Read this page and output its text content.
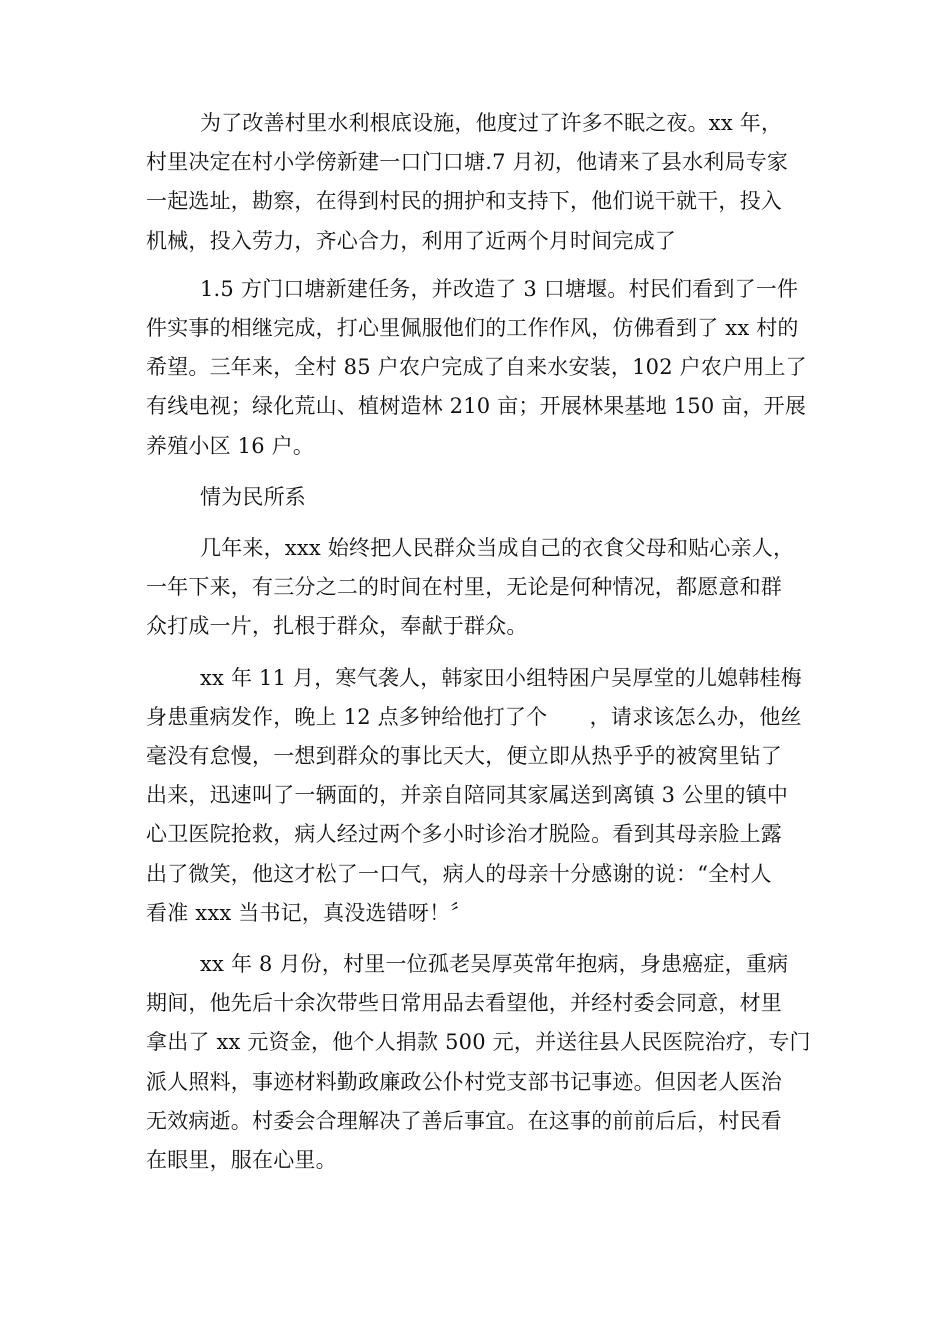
为了改善村里水利根底设施，他度过了许多不眠之夜。xx 年，
村里决定在村小学傍新建一口门口塘.7 月初，他请来了县水利局专家
一起选址，勘察，在得到村民的拥护和支持下，他们说干就干，投入
机械，投入劳力，齐心合力，利用了近两个月时间完成了

1.5 方门口塘新建任务，并改造了 3 口塘堰。村民们看到了一件
件实事的相继完成，打心里佩服他们的工作作风，仿佛看到了 xx 村的
希望。三年来，全村 85 户农户完成了自来水安装，102 户农户用上了
有线电视；绿化荒山、植树造林 210 亩；开展林果基地 150 亩，开展
养殖小区 16 户。

情为民所系

几年来，xxx 始终把人民群众当成自己的衣食父母和贴心亲人，
一年下来，有三分之二的时间在村里，无论是何种情况，都愿意和群
众打成一片，扎根于群众，奉献于群众。

xx 年 11 月，寒气袭人，韩家田小组特困户吴厚堂的儿媳韩桂梅
身患重病发作，晚上 12 点多钟给他打了个　　，请求该怎么办，他丝
毫没有怠慢，一想到群众的事比天大，便立即从热乎乎的被窝里钻了
出来，迅速叫了一辆面的，并亲自陪同其家属送到离镇 3 公里的镇中
心卫医院抢救，病人经过两个多小时诊治才脱险。看到其母亲脸上露
出了微笑，他这才松了一口气，病人的母亲十分感谢的说：“全村人
看准 xxx 当书记，真没选错呀！〞

xx 年 8 月份，村里一位孤老吴厚英常年抱病，身患癌症，重病
期间，他先后十余次带些日常用品去看望他，并经村委会同意，材里
拿出了 xx 元资金，他个人捐款 500 元，并送往县人民医院治疗，专门
派人照料，事迹材料勤政廉政公仆村党支部书记事迹。但因老人医治
无效病逝。村委会合理解决了善后事宜。在这事的前前后后，村民看
在眼里，服在心里。
